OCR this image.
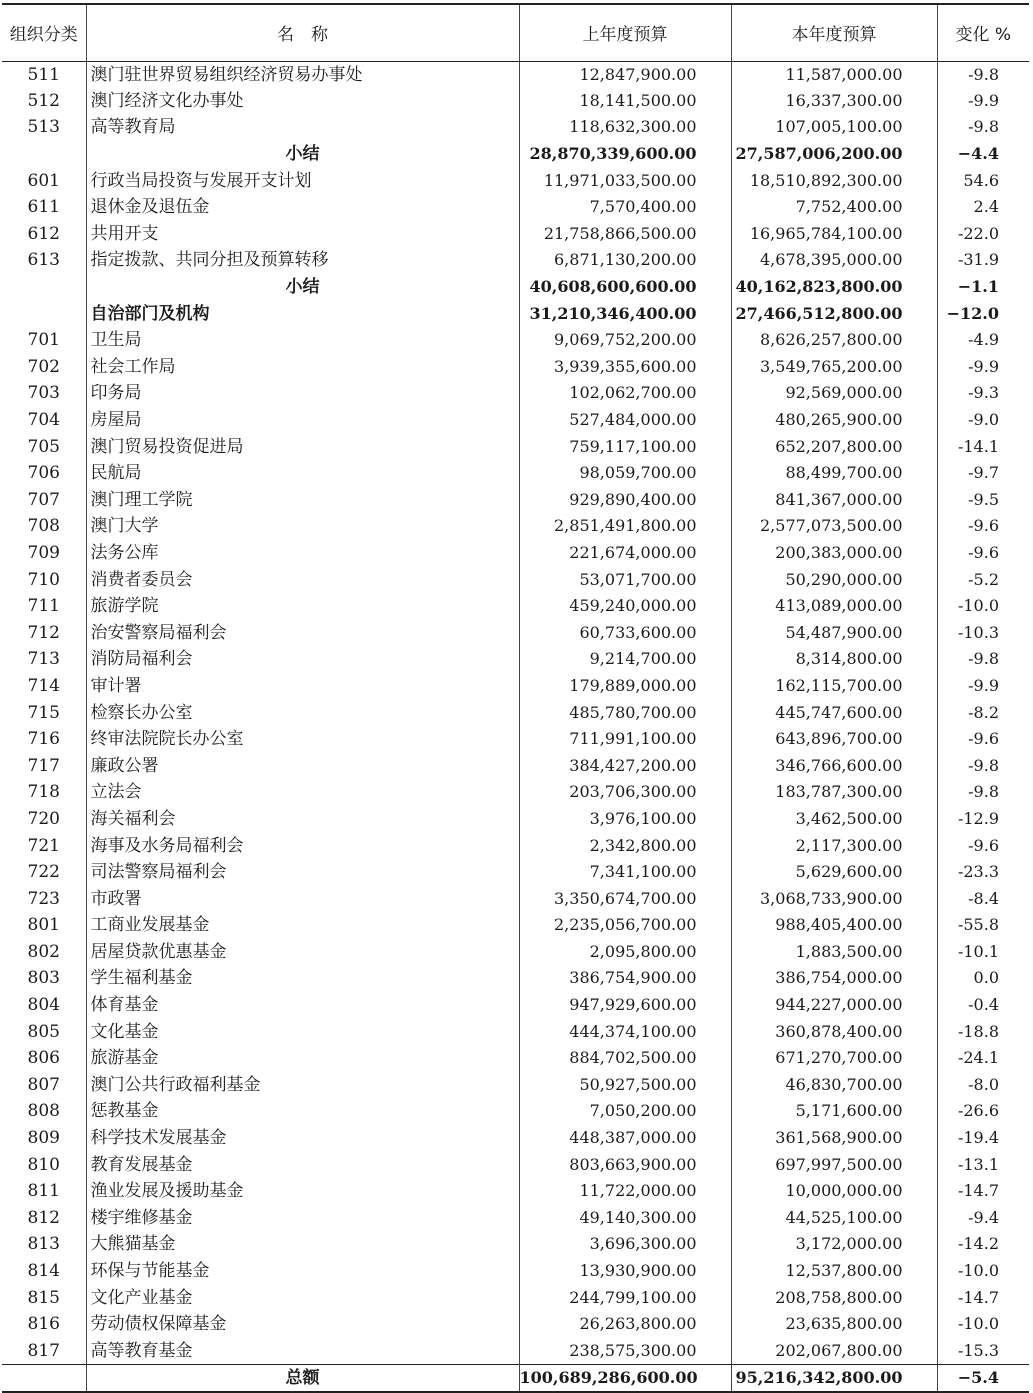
组织分类	名　称	上年度预算	本年度预算	变化 %
511	澳门驻世界贸易组织经济贸易办事处	12,847,900.00	11,587,000.00	-9.8
512	澳门经济文化办事处	18,141,500.00	16,337,300.00	-9.9
513	高等教育局	118,632,300.00	107,005,100.00	-9.8
	小结	28,870,339,600.00	27,587,006,200.00	−4.4
601	行政当局投资与发展开支计划	11,971,033,500.00	18,510,892,300.00	54.6
611	退休金及退伍金	7,570,400.00	7,752,400.00	2.4
612	共用开支	21,758,866,500.00	16,965,784,100.00	-22.0
613	指定拨款、共同分担及预算转移	6,871,130,200.00	4,678,395,000.00	-31.9
	小结	40,608,600,600.00	40,162,823,800.00	−1.1
	自治部门及机构	31,210,346,400.00	27,466,512,800.00	−12.0
701	卫生局	9,069,752,200.00	8,626,257,800.00	-4.9
702	社会工作局	3,939,355,600.00	3,549,765,200.00	-9.9
703	印务局	102,062,700.00	92,569,000.00	-9.3
704	房屋局	527,484,000.00	480,265,900.00	-9.0
705	澳门贸易投资促进局	759,117,100.00	652,207,800.00	-14.1
706	民航局	98,059,700.00	88,499,700.00	-9.7
707	澳门理工学院	929,890,400.00	841,367,000.00	-9.5
708	澳门大学	2,851,491,800.00	2,577,073,500.00	-9.6
709	法务公库	221,674,000.00	200,383,000.00	-9.6
710	消费者委员会	53,071,700.00	50,290,000.00	-5.2
711	旅游学院	459,240,000.00	413,089,000.00	-10.0
712	治安警察局福利会	60,733,600.00	54,487,900.00	-10.3
713	消防局福利会	9,214,700.00	8,314,800.00	-9.8
714	审计署	179,889,000.00	162,115,700.00	-9.9
715	检察长办公室	485,780,700.00	445,747,600.00	-8.2
716	终审法院院长办公室	711,991,100.00	643,896,700.00	-9.6
717	廉政公署	384,427,200.00	346,766,600.00	-9.8
718	立法会	203,706,300.00	183,787,300.00	-9.8
720	海关福利会	3,976,100.00	3,462,500.00	-12.9
721	海事及水务局福利会	2,342,800.00	2,117,300.00	-9.6
722	司法警察局福利会	7,341,100.00	5,629,600.00	-23.3
723	市政署	3,350,674,700.00	3,068,733,900.00	-8.4
801	工商业发展基金	2,235,056,700.00	988,405,400.00	-55.8
802	居屋贷款优惠基金	2,095,800.00	1,883,500.00	-10.1
803	学生福利基金	386,754,900.00	386,754,000.00	0.0
804	体育基金	947,929,600.00	944,227,000.00	-0.4
805	文化基金	444,374,100.00	360,878,400.00	-18.8
806	旅游基金	884,702,500.00	671,270,700.00	-24.1
807	澳门公共行政福利基金	50,927,500.00	46,830,700.00	-8.0
808	惩教基金	7,050,200.00	5,171,600.00	-26.6
809	科学技术发展基金	448,387,000.00	361,568,900.00	-19.4
810	教育发展基金	803,663,900.00	697,997,500.00	-13.1
811	渔业发展及援助基金	11,722,000.00	10,000,000.00	-14.7
812	楼宇维修基金	49,140,300.00	44,525,100.00	-9.4
813	大熊猫基金	3,696,300.00	3,172,000.00	-14.2
814	环保与节能基金	13,930,900.00	12,537,800.00	-10.0
815	文化产业基金	244,799,100.00	208,758,800.00	-14.7
816	劳动债权保障基金	26,263,800.00	23,635,800.00	-10.0
817	高等教育基金	238,575,300.00	202,067,800.00	-15.3
	总额	100,689,286,600.00	95,216,342,800.00	−5.4
